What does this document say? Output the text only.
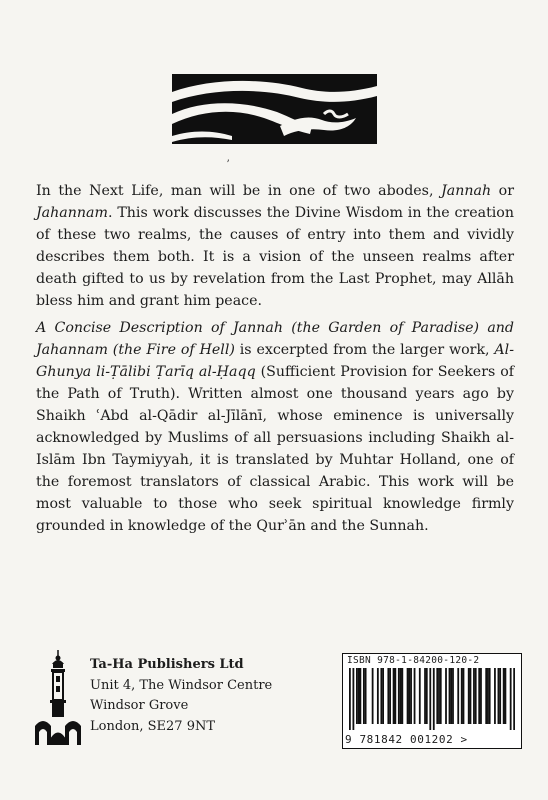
ʼ

In the Next Life, man will be in one of two abodes, Jannah or Jahannam. This work discusses the Divine Wisdom in the creation of these two realms, the causes of entry into them and vividly describes them both. It is a vision of the unseen realms after death gifted to us by revelation from the Last Prophet, may Allāh bless him and grant him peace.

A Concise Description of Jannah (the Garden of Paradise) and Jahannam (the Fire of Hell) is excerpted from the larger work, Al-Ghunya li-Ṭālibi Ṭarīq al-Ḥaqq (Sufficient Provision for Seekers of the Path of Truth). Written almost one thousand years ago by Shaikh ʿAbd al-Qādir al-Jīlānī, whose eminence is universally acknowledged by Muslims of all persuasions including Shaikh al-Islām Ibn Taymiyyah, it is translated by Muhtar Holland, one of the foremost translators of classical Arabic. This work will be most valuable to those who seek spiritual knowledge firmly grounded in knowledge of the Qurʾān and the Sunnah.

Ta-Ha Publishers Ltd
Unit 4, The Windsor Centre
Windsor Grove
London, SE27 9NT
ISBN 978-1-84200-120-2
9 781842 001202 >
